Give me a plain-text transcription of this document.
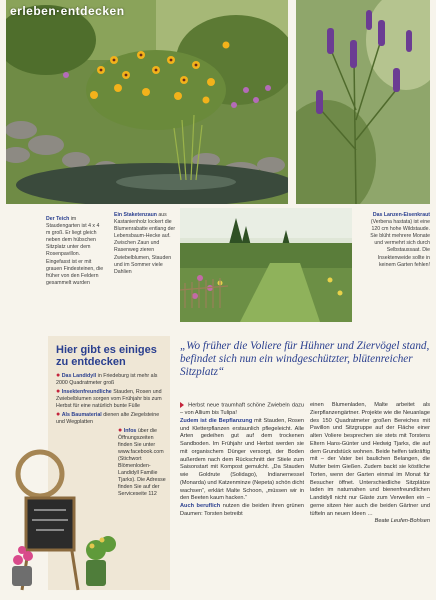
erleben·entdecken
Der Teich im Staudengarten ist 4 x 4 m groß. Er liegt gleich neben dem hübschen Sitzplatz unter dem Rosenpavillon. Eingefasst ist er mit grauen Findesteinen, die früher von den Feldern gesammelt wurden
Ein Staketenzaun aus Kastanienholz lockert die Blumenrabatte entlang der Lebensbaum-Hecke auf. Zwischen Zaun und Rasenweg zieren Zwiebelblumen, Stauden und im Sommer viele Dahlien
Das Lanzen-Eisenkraut (Verbena hastata) ist eine 120 cm hohe Wildstaude. Sie blüht mehrere Monate und vermehrt sich durch Selbstaussaat. Die Insektenweide sollte in keinem Garten fehlen!
Hier gibt es einiges zu entdecken
● Das Landidyll in Friedeburg ist mehr als 2000 Quadratmeter groß
● Insektenfreundliche Stauden, Rosen und Zwiebelblumen sorgen vom Frühjahr bis zum Herbst für eine natürlich bunte Fülle
● Als Baumaterial dienen alte Ziegelsteine und Wegplatten
● Infos über die Öffnungszeiten finden Sie unter www.facebook.com (Stichwort Blömenloden-Landidyll Familie Tjarks). Die Adresse finden Sie auf der Serviceseite 112
„Wo früher die Voliere für Hühner und Ziervögel stand, befindet sich nun ein windgeschützter, blütenreicher Sitzplatz“
Herbst neue traumhaft schöne Zwiebeln dazu – von Allium bis Tulipa!
Zudem ist die Bepflanzung mit Stauden, Rosen und Kletterpflanzen erstaunlich pflegeleicht. Alle Arten gedeihen gut auf dem trockenen Sandboden. Im Frühjahr und Herbst werden sie mit organischem Dünger versorgt, der Boden außerdem nach dem Rückschnitt der Stiele zum Saisonstart mit Kompost gemulcht. „Da Stauden wie Goldrute (Solidago), Indianernessel (Monarda) und Katzenminze (Nepeta) schön dicht wachsen“, erklärt Malte Schoon, „müssen wir in den Beeten kaum hacken.“
Auch beruflich nutzen die beiden ihren grünen Daumen: Torsten betreibt
einen Blumenladen, Malte arbeitet als Zierpflanzengärtner. Projekte wie die Neuanlage des 150 Quadratmeter großen Bereiches mit Pavillon und Sitzgruppe auf der Fläche einer alten Voliere besprechen sie stets mit Torstens Eltern Hans-Günter und Hedwig Tjarks, die auf dem Grundstück wohnen. Beide helfen tatkräftig mit – der Vater bei baulichen Belangen, die Mutter beim Gießen. Zudem backt sie köstliche Torten, wenn der Garten einmal im Monat für Besucher öffnet. Unterschiedliche Sitzplätze laden im naturnahen und bienenfreundlichen Landidyll nicht nur Gäste zum Verweilen ein – gerne sitzen hier auch die beiden Gärtner und tüfteln an neuen Ideen …
Beate Leufen-Bohlsen
